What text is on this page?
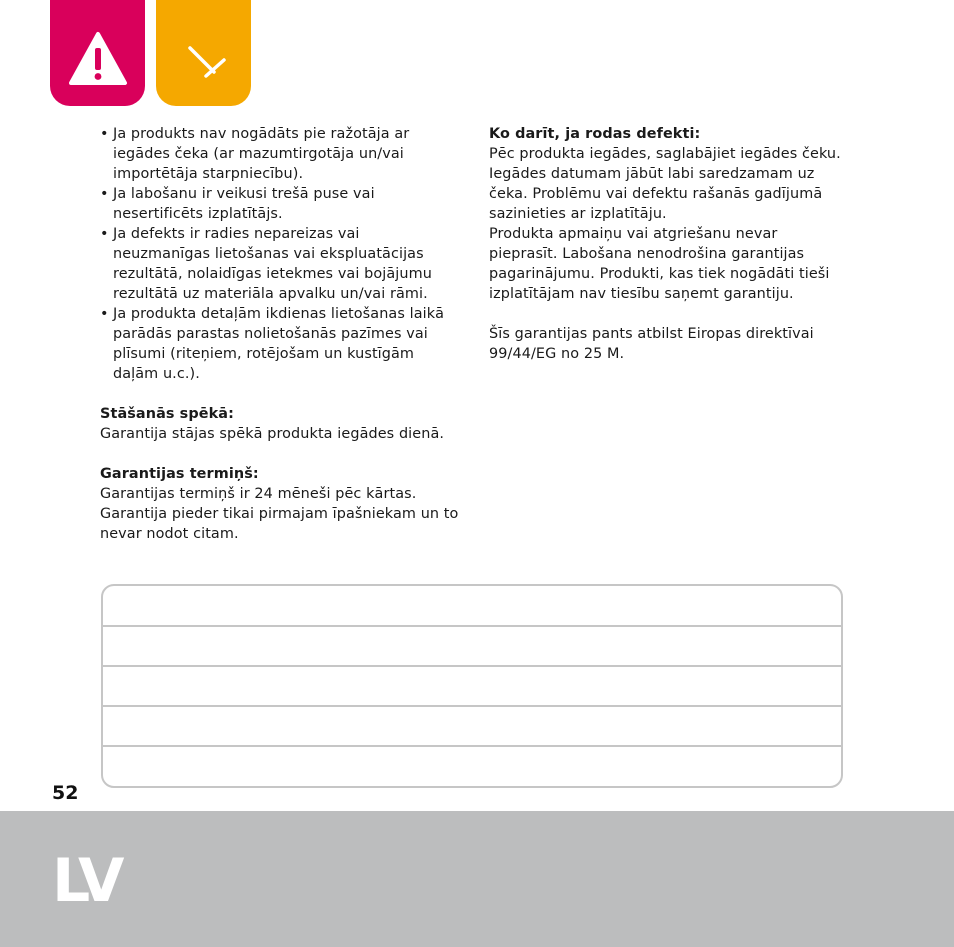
• Ja produkts nav nogādāts pie ražotāja ar iegādes čeka (ar mazumtirgotāja un/vai importētāja starpniecību).
• Ja labošanu ir veikusi trešā puse vai nesertificēts izplatītājs.
• Ja defekts ir radies nepareizas vai neuzmanīgas lietošanas vai ekspluatācijas rezultātā, nolaidīgas ietekmes vai bojājumu rezultātā uz materiāla apvalku un/vai rāmi.
• Ja produkta detaļām ikdienas lietošanas laikā parādās parastas nolietošanās pazīmes vai plīsumi (riteņiem, rotējošam un kustīgām daļām u.c.).

Stāšanās spēkā:

Garantija stājas spēkā produkta iegādes dienā.

Garantijas termiņš:

Garantijas termiņš ir 24 mēneši pēc kārtas. Garantija pieder tikai pirmajam īpašniekam un to nevar nodot citam.

Ko darīt, ja rodas defekti:

Pēc produkta iegādes, saglabājiet iegādes čeku. Iegādes datumam jābūt labi saredzamam uz čeka. Problēmu vai defektu rašanās gadījumā sazinieties ar izplatītāju.

Produkta apmaiņu vai atgriešanu nevar pieprasīt. Labošana nenodrošina garantijas pagarinājumu. Produkti, kas tiek nogādāti tieši izplatītājam nav tiesību saņemt garantiju.

Šīs garantijas pants atbilst Eiropas direktīvai 99/44/EG no 25 M.

52
LV
